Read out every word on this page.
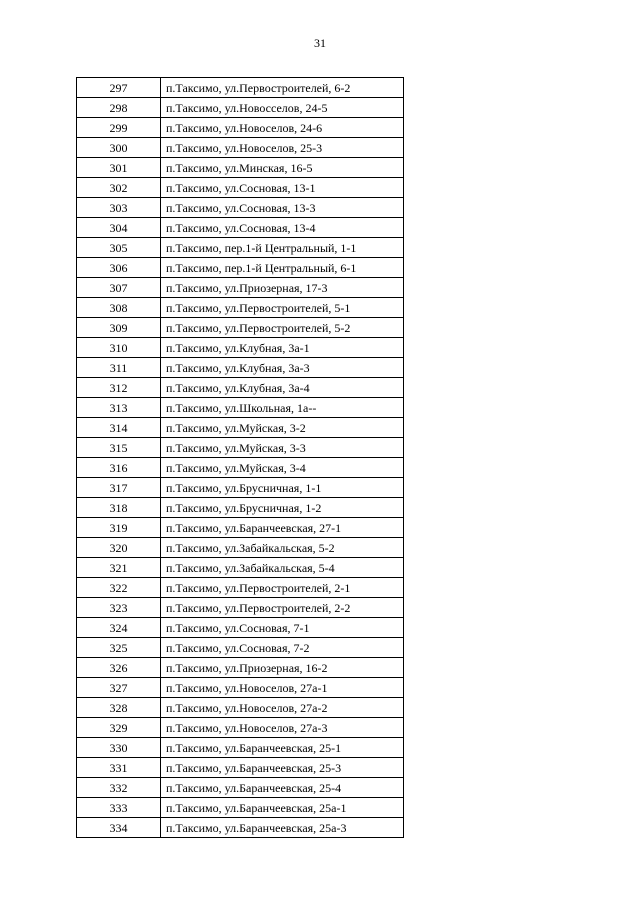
31
297	п.Таксимо, ул.Первостроителей, 6-2
298	п.Таксимо, ул.Новосселов, 24-5
299	п.Таксимо, ул.Новоселов, 24-6
300	п.Таксимо, ул.Новоселов, 25-3
301	п.Таксимо, ул.Минская, 16-5
302	п.Таксимо, ул.Сосновая, 13-1
303	п.Таксимо, ул.Сосновая, 13-3
304	п.Таксимо, ул.Сосновая, 13-4
305	п.Таксимо, пер.1-й Центральный, 1-1
306	п.Таксимо, пер.1-й Центральный, 6-1
307	п.Таксимо, ул.Приозерная, 17-3
308	п.Таксимо, ул.Первостроителей, 5-1
309	п.Таксимо, ул.Первостроителей, 5-2
310	п.Таксимо, ул.Клубная, 3а-1
311	п.Таксимо, ул.Клубная, 3а-3
312	п.Таксимо, ул.Клубная, 3а-4
313	п.Таксимо, ул.Школьная, 1а--
314	п.Таксимо, ул.Муйская, 3-2
315	п.Таксимо, ул.Муйская, 3-3
316	п.Таксимо, ул.Муйская, 3-4
317	п.Таксимо, ул.Брусничная, 1-1
318	п.Таксимо, ул.Брусничная, 1-2
319	п.Таксимо, ул.Баранчеевская, 27-1
320	п.Таксимо, ул.Забайкальская, 5-2
321	п.Таксимо, ул.Забайкальская, 5-4
322	п.Таксимо, ул.Первостроителей, 2-1
323	п.Таксимо, ул.Первостроителей, 2-2
324	п.Таксимо, ул.Сосновая, 7-1
325	п.Таксимо, ул.Сосновая, 7-2
326	п.Таксимо, ул.Приозерная, 16-2
327	п.Таксимо, ул.Новоселов, 27а-1
328	п.Таксимо, ул.Новоселов, 27а-2
329	п.Таксимо, ул.Новоселов, 27а-3
330	п.Таксимо, ул.Баранчеевская, 25-1
331	п.Таксимо, ул.Баранчеевская, 25-3
332	п.Таксимо, ул.Баранчеевская, 25-4
333	п.Таксимо, ул.Баранчеевская, 25а-1
334	п.Таксимо, ул.Баранчеевская, 25а-3
